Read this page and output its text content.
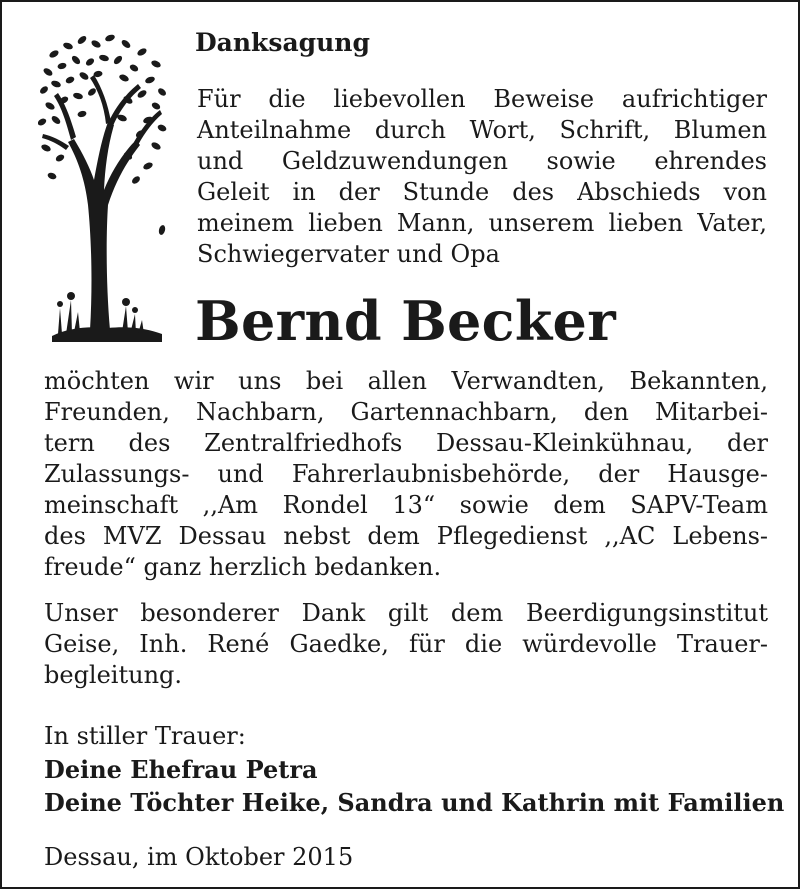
Danksagung

Für die liebevollen Beweise aufrichtiger

Anteilnahme durch Wort, Schrift, Blumen

und Geldzuwendungen sowie ehrendes

Geleit in der Stunde des Abschieds von

meinem lieben Mann, unserem lieben Vater,

Schwiegervater und Opa

Bernd Becker

möchten wir uns bei allen Verwandten, Bekannten,

Freunden, Nachbarn, Gartennachbarn, den Mitarbei-

tern des Zentralfriedhofs Dessau-Kleinkühnau, der

Zulassungs- und Fahrerlaubnisbehörde, der Hausge-

meinschaft ,,Am Rondel 13“ sowie dem SAPV-Team

des MVZ Dessau nebst dem Pflegedienst ,,AC Lebens-

freude“ ganz herzlich bedanken.

Unser besonderer Dank gilt dem Beerdigungsinstitut

Geise, Inh. René Gaedke, für die würdevolle Trauer-

begleitung.

In stiller Trauer:
Deine Ehefrau Petra
Deine Töchter Heike, Sandra und Kathrin mit Familien
Dessau, im Oktober 2015
